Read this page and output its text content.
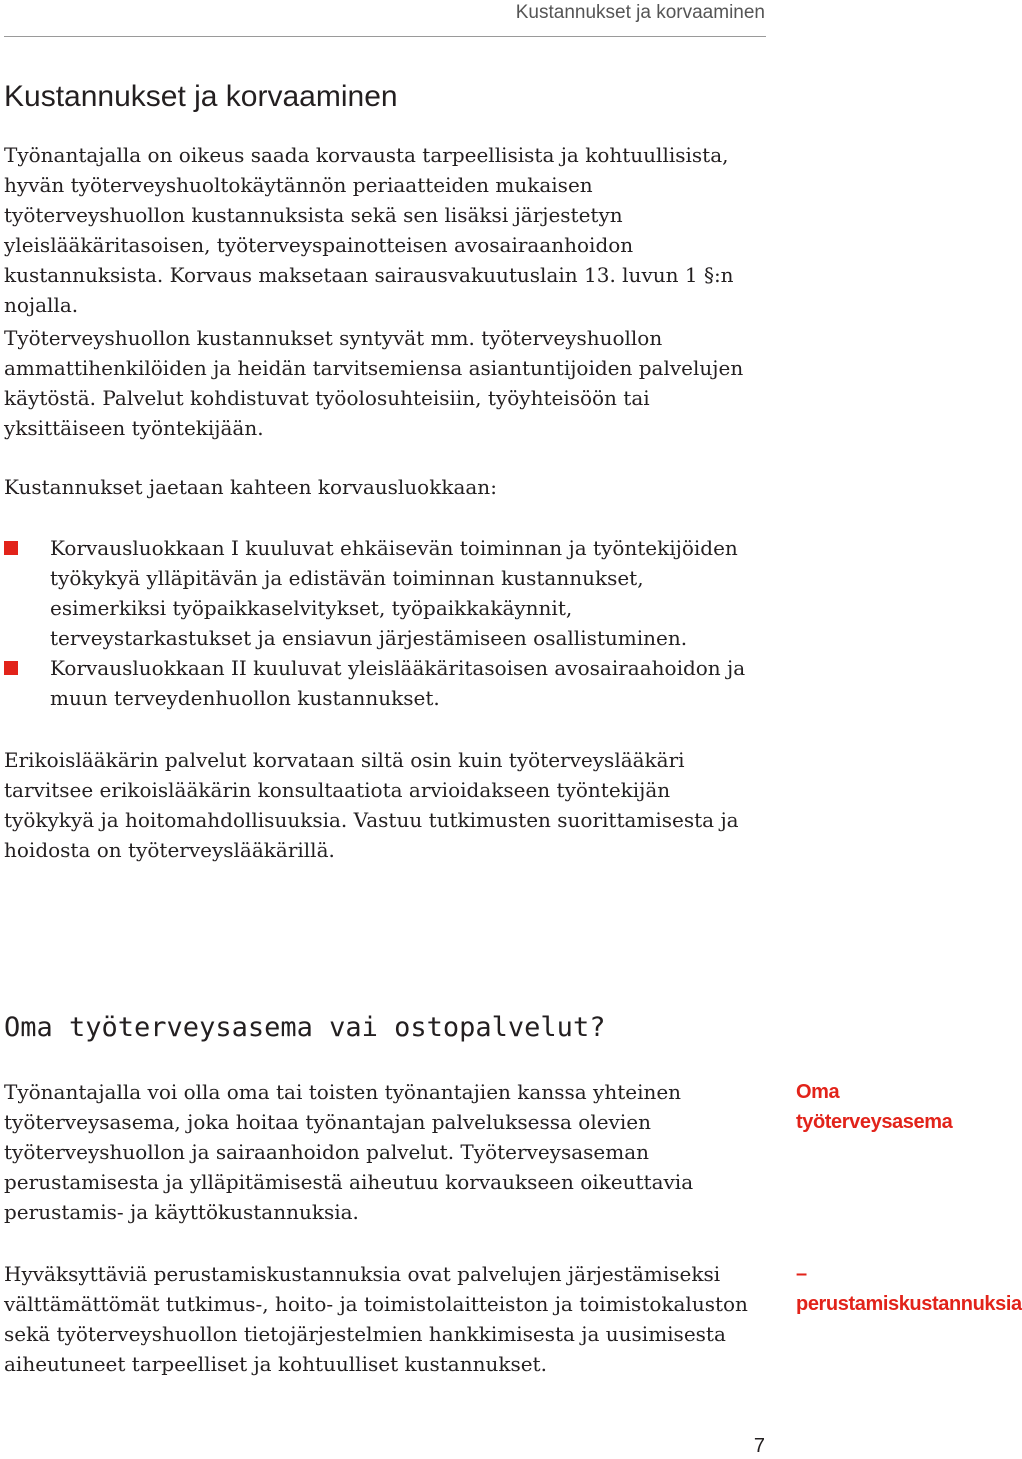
Kustannukset ja korvaaminen
Kustannukset ja korvaaminen

Työnantajalla on oikeus saada korvausta tarpeellisista ja kohtuullisista, hyvän työterveyshuoltokäytännön periaatteiden mukaisen työterveyshuollon kustannuksista sekä sen lisäksi järjestetyn yleislääkäritasoisen, työterveyspainotteisen avosairaanhoidon kustannuksista. Korvaus maksetaan sairausvakuutuslain 13. luvun 1 §:n nojalla.

Työterveyshuollon kustannukset syntyvät mm. työterveyshuollon ammattihenkilöiden ja heidän tarvitsemiensa asiantuntijoiden palvelujen käytöstä. Palvelut kohdistuvat työolosuhteisiin, työyhteisöön tai yksittäiseen työntekijään.

Kustannukset jaetaan kahteen korvausluokkaan:

Korvausluokkaan I kuuluvat ehkäisevän toiminnan ja työntekijöiden työkykyä ylläpitävän ja edistävän toiminnan kustannukset, esimerkiksi työpaikkaselvitykset, työpaikkakäynnit, terveystarkastukset ja ensiavun järjestämiseen osallistuminen.
Korvausluokkaan II kuuluvat yleislääkäritasoisen avosairaahoidon ja muun terveydenhuollon kustannukset.

Erikoislääkärin palvelut korvataan siltä osin kuin työterveyslääkäri tarvitsee erikoislääkärin konsultaatiota arvioidakseen työntekijän työkykyä ja hoitomahdollisuuksia. Vastuu tutkimusten suorittamisesta ja hoidosta on työterveyslääkärillä.

Oma työterveysasema vai ostopalvelut?

Työnantajalla voi olla oma tai toisten työnantajien kanssa yhteinen työterveysasema, joka hoitaa työnantajan palveluksessa olevien työterveyshuollon ja sairaanhoidon palvelut. Työterveysaseman perustamisesta ja ylläpitämisestä aiheutuu korvaukseen oikeuttavia perustamis- ja käyttökustannuksia.

Hyväksyttäviä perustamiskustannuksia ovat palvelujen järjestämiseksi välttämättömät tutkimus-, hoito- ja toimistolaitteiston ja toimistokaluston sekä työterveyshuollon tietojärjestelmien hankkimisesta ja uusimisesta aiheutuneet tarpeelliset ja kohtuulliset kustannukset.

Oma työterveysasema
– perustamiskustannuksia
7
